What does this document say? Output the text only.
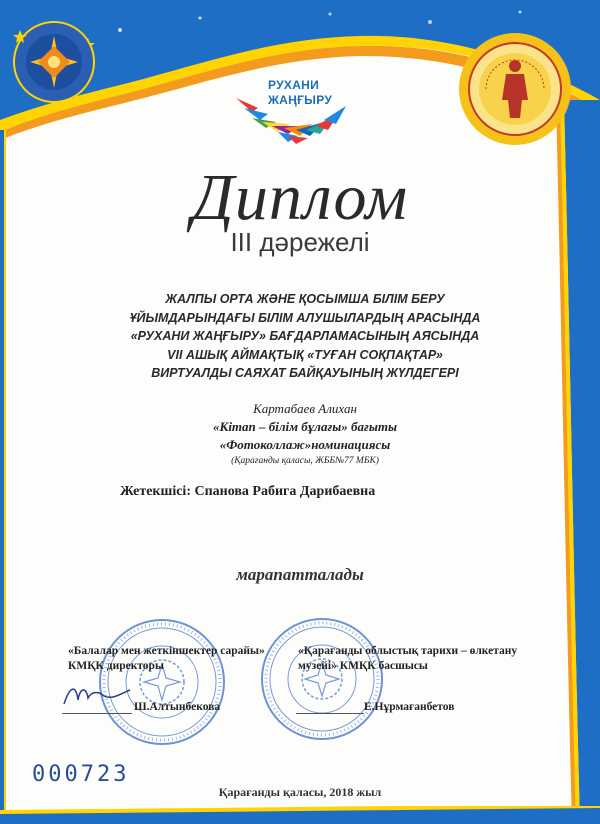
РУХАНИ
ЖАҢҒЫРУ
Диплом
III дәрежелі
ЖАЛПЫ ОРТА ЖӘНЕ ҚОСЫМША БІЛІМ БЕРУ
ҰЙЫМДАРЫНДАҒЫ БІЛІМ АЛУШЫЛАРДЫҢ АРАСЫНДА
«РУХАНИ ЖАҢҒЫРУ» БАҒДАРЛАМАСЫНЫҢ АЯСЫНДА
VII АШЫҚ АЙМАҚТЫҚ «ТУҒАН СОҚПАҚТАР»
ВИРТУАЛДЫ САЯХАТ БАЙҚАУЫНЫҢ ЖҮЛДЕГЕРІ
Картабаев Алихан
«Кітап – білім бұлағы» бағыты
«Фотоколлаж»номинациясы
(Қарағанды қаласы, ЖББ№77 МБК)
Жетекшісі: Спанова Рабига Дарибаевна
марапатталады
«Балалар мен жеткіншектер сарайы»
КМҚК директоры
Ш.Алтынбекова
«Қарағанды облыстық тарихи – өлкетану
музейі» КМҚК басшысы
Е.Нұрмағанбетов
000723
Қарағанды қаласы, 2018 жыл
